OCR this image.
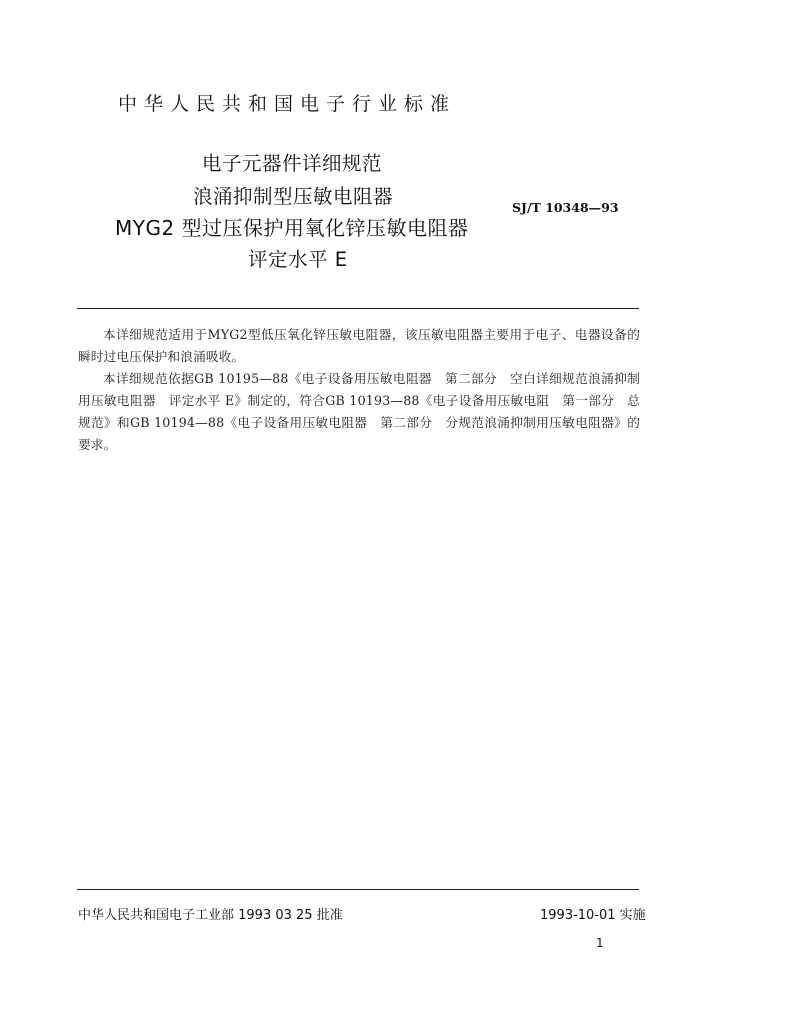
中华人民共和国电子行业标准
电子元器件详细规范
浪涌抑制型压敏电阻器
MYG2 型过压保护用氧化锌压敏电阻器
评定水平 E
SJ/T 10348—93

本详细规范适用于MYG2型低压氧化锌压敏电阻器，该压敏电阻器主要用于电子、电器设备的瞬时过电压保护和浪涌吸收。

本详细规范依据GB 10195—88《电子设备用压敏电阻器　第二部分　空白详细规范浪涌抑制用压敏电阻器　评定水平 E》制定的，符合GB 10193—88《电子设备用压敏电阻　第一部分　总规范》和GB 10194—88《电子设备用压敏电阻器　第二部分　分规范浪涌抑制用压敏电阻器》的要求。

中华人民共和国电子工业部 1993 03 25 批准	1993-10-01 实施
1
